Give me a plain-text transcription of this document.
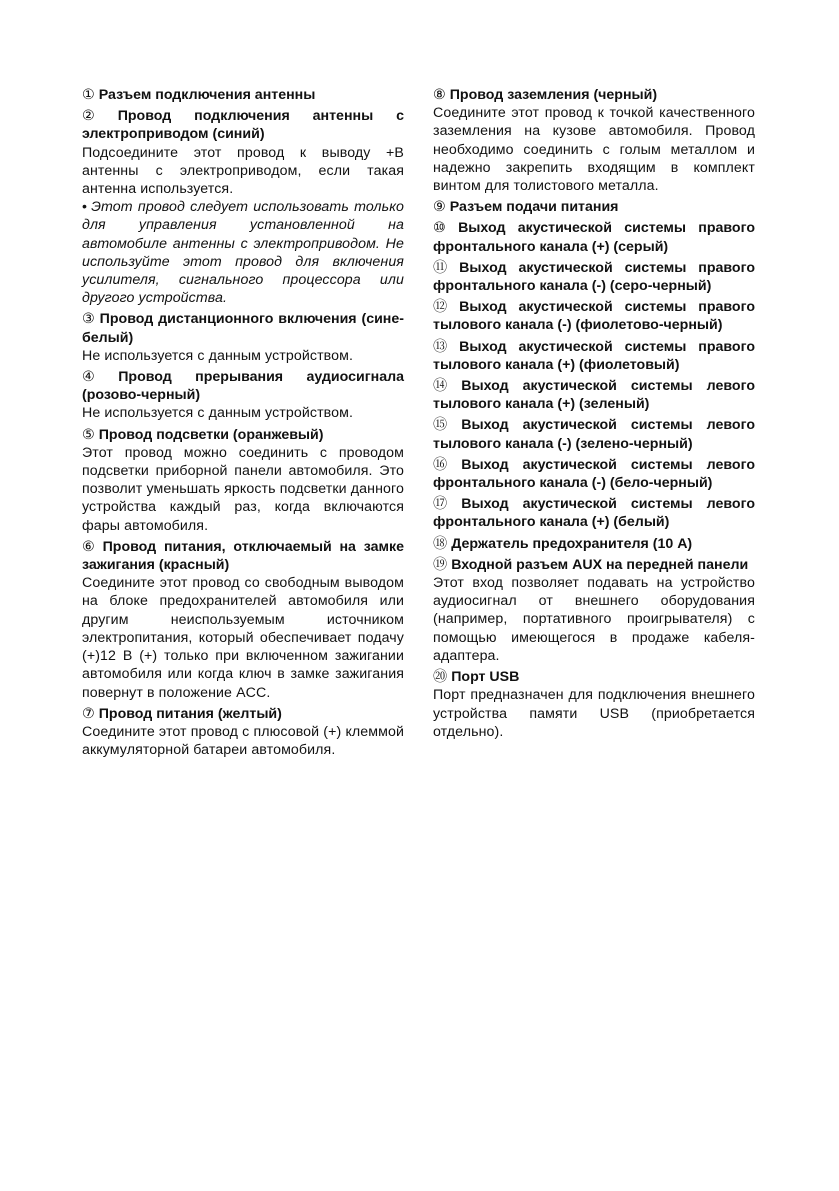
① Разъем подключения антенны
② Провод подключения антенны с электроприводом (синий)
Подсоедините этот провод к выводу +B антенны с электроприводом, если такая антенна используется.
• Этот провод следует использовать только для управления установленной на автомобиле антенны с электроприводом. Не используйте этот провод для включения усилителя, сигнального процессора или другого устройства.
③ Провод дистанционного включения (сине-белый)
Не используется с данным устройством.
④ Провод прерывания аудиосигнала (розово-черный)
Не используется с данным устройством.
⑤ Провод подсветки (оранжевый)
Этот провод можно соединить с проводом подсветки приборной панели автомобиля. Это позволит уменьшать яркость подсветки данного устройства каждый раз, когда включаются фары автомобиля.
⑥ Провод питания, отключаемый на замке зажигания (красный)
Соедините этот провод со свободным выводом на блоке предохранителей автомобиля или другим неиспользуемым источником электропитания, который обеспечивает подачу (+)12 В (+) только при включенном зажигании автомобиля или когда ключ в замке зажигания повернут в положение ACC.
⑦ Провод питания (желтый)
Соедините этот провод с плюсовой (+) клеммой аккумуляторной батареи автомобиля.
⑧ Провод заземления (черный)
Соедините этот провод к точкой качественного заземления на кузове автомобиля. Провод необходимо соединить с голым металлом и надежно закрепить входящим в комплект винтом для толистового металла.
⑨ Разъем подачи питания
⑩ Выход акустической системы правого фронтального канала (+) (серый)
⑪ Выход акустической системы правого фронтального канала (-) (серо-черный)
⑫ Выход акустической системы правого тылового канала (-) (фиолетово-черный)
⑬ Выход акустической системы правого тылового канала (+) (фиолетовый)
⑭ Выход акустической системы левого тылового канала (+) (зеленый)
⑮ Выход акустической системы левого тылового канала (-) (зелено-черный)
⑯ Выход акустической системы левого фронтального канала (-) (бело-черный)
⑰ Выход акустической системы левого фронтального канала (+) (белый)
⑱ Держатель предохранителя (10 A)
⑲ Входной разъем AUX на передней панели
Этот вход позволяет подавать на устройство аудиосигнал от внешнего оборудования (например, портативного проигрывателя) с помощью имеющегося в продаже кабеля-адаптера.
⑳ Порт USB
Порт предназначен для подключения внешнего устройства памяти USB (приобретается отдельно).
